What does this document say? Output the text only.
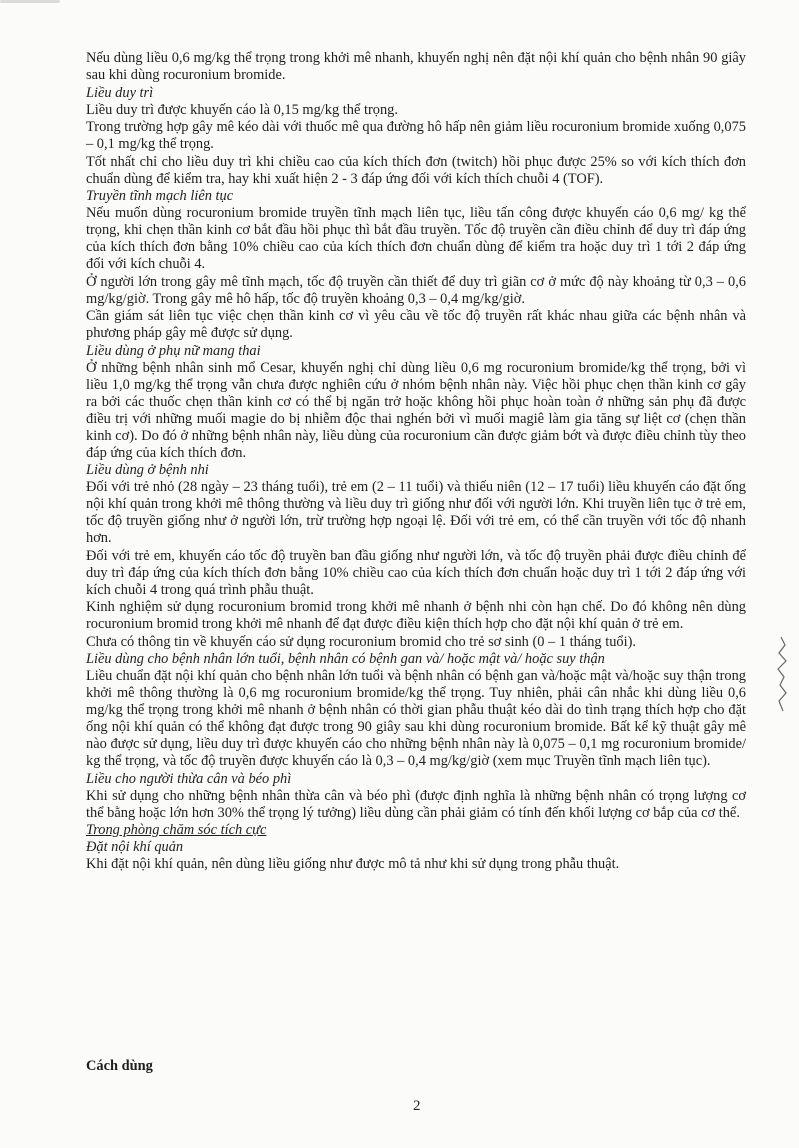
Nếu dùng liều 0,6 mg/kg thể trọng trong khởi mê nhanh, khuyến nghị nên đặt nội khí quản cho bệnh nhân 90 giây sau khi dùng rocuronium bromide.

Liều duy trì

Liều duy trì được khuyến cáo là 0,15 mg/kg thể trọng.

Trong trường hợp gây mê kéo dài với thuốc mê qua đường hô hấp nên giảm liều rocuronium bromide xuống 0,075 – 0,1 mg/kg thể trọng.

Tốt nhất chỉ cho liều duy trì khi chiều cao của kích thích đơn (twitch) hồi phục được 25% so với kích thích đơn chuẩn dùng để kiểm tra, hay khi xuất hiện 2 - 3 đáp ứng đối với kích thích chuỗi 4 (TOF).

Truyền tĩnh mạch liên tục

Nếu muốn dùng rocuronium bromide truyền tĩnh mạch liên tục, liều tấn công được khuyến cáo 0,6 mg/ kg thể trọng, khi chẹn thần kinh cơ bắt đầu hồi phục thì bắt đầu truyền. Tốc độ truyền cần điều chỉnh để duy trì đáp ứng của kích thích đơn bằng 10% chiều cao của kích thích đơn chuẩn dùng để kiểm tra hoặc duy trì 1 tới 2 đáp ứng đối với kích chuỗi 4.

Ở người lớn trong gây mê tĩnh mạch, tốc độ truyền cần thiết để duy trì giãn cơ ở mức độ này khoảng từ 0,3 – 0,6 mg/kg/giờ. Trong gây mê hô hấp, tốc độ truyền khoảng 0,3 – 0,4 mg/kg/giờ.

Cần giám sát liên tục việc chẹn thần kinh cơ vì yêu cầu về tốc độ truyền rất khác nhau giữa các bệnh nhân và phương pháp gây mê được sử dụng.

Liều dùng ở phụ nữ mang thai

Ở những bệnh nhân sinh mổ Cesar, khuyến nghị chỉ dùng liều 0,6 mg rocuronium bromide/kg thể trọng, bởi vì liều 1,0 mg/kg thể trọng vẫn chưa được nghiên cứu ở nhóm bệnh nhân này. Việc hồi phục chẹn thần kinh cơ gây ra bởi các thuốc chẹn thần kinh cơ có thể bị ngăn trở hoặc không hồi phục hoàn toàn ở những sản phụ đã được điều trị với những muối magie do bị nhiễm độc thai nghén bởi vì muối magiê làm gia tăng sự liệt cơ (chẹn thần kinh cơ). Do đó ở những bệnh nhân này, liều dùng của rocuronium cần được giảm bớt và được điều chỉnh tùy theo đáp ứng của kích thích đơn.

Liều dùng ở bệnh nhi

Đối với trẻ nhỏ (28 ngày – 23 tháng tuổi), trẻ em (2 – 11 tuổi) và thiếu niên (12 – 17 tuổi) liều khuyến cáo đặt ống nội khí quản trong khởi mê thông thường và liều duy trì giống như đối với người lớn. Khi truyền liên tục ở trẻ em, tốc độ truyền giống như ở người lớn, trừ trường hợp ngoại lệ. Đối với trẻ em, có thể cần truyền với tốc độ nhanh hơn.

Đối với trẻ em, khuyến cáo tốc độ truyền ban đầu giống như người lớn, và tốc độ truyền phải được điều chỉnh để duy trì đáp ứng của kích thích đơn bằng 10% chiều cao của kích thích đơn chuẩn hoặc duy trì 1 tới 2 đáp ứng với kích chuỗi 4 trong quá trình phẫu thuật.

Kinh nghiệm sử dụng rocuronium bromid trong khởi mê nhanh ở bệnh nhi còn hạn chế. Do đó không nên dùng rocuronium bromid trong khởi mê nhanh để đạt được điều kiện thích hợp cho đặt nội khí quản ở trẻ em.

Chưa có thông tin về khuyến cáo sử dụng rocuronium bromid cho trẻ sơ sinh (0 – 1 tháng tuổi).

Liều dùng cho bệnh nhân lớn tuổi, bệnh nhân có bệnh gan và/ hoặc mật và/ hoặc suy thận

Liều chuẩn đặt nội khí quản cho bệnh nhân lớn tuổi và bệnh nhân có bệnh gan và/hoặc mật và/hoặc suy thận trong khởi mê thông thường là 0,6 mg rocuronium bromide/kg thể trọng. Tuy nhiên, phải cân nhắc khi dùng liều 0,6 mg/kg thể trọng trong khởi mê nhanh ở bệnh nhân có thời gian phẫu thuật kéo dài do tình trạng thích hợp cho đặt ống nội khí quản có thể không đạt được trong 90 giây sau khi dùng rocuronium bromide. Bất kể kỹ thuật gây mê nào được sử dụng, liều duy trì được khuyến cáo cho những bệnh nhân này là 0,075 – 0,1 mg rocuronium bromide/ kg thể trọng, và tốc độ truyền được khuyến cáo là 0,3 – 0,4 mg/kg/giờ (xem mục Truyền tĩnh mạch liên tục).

Liều cho người thừa cân và béo phì

Khi sử dụng cho những bệnh nhân thừa cân và béo phì (được định nghĩa là những bệnh nhân có trọng lượng cơ thể bằng hoặc lớn hơn 30% thể trọng lý tưởng) liều dùng cần phải giảm có tính đến khối lượng cơ bắp của cơ thể.

Trong phòng chăm sóc tích cực

Đặt nội khí quản

Khi đặt nội khí quản, nên dùng liều giống như được mô tả như khi sử dụng trong phẫu thuật.

Cách dùng
2
